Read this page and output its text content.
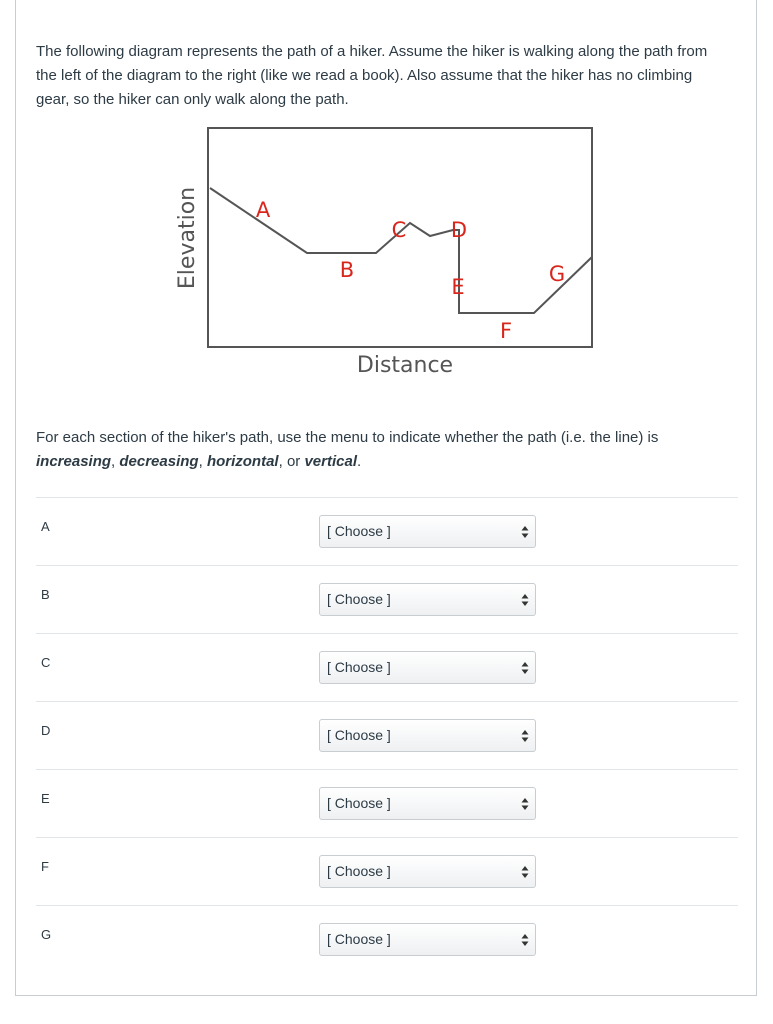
The following diagram represents the path of a hiker. Assume the hiker is walking along the path from the left of the diagram to the right (like we read a book). Also assume that the hiker has no climbing gear, so the hiker can only walk along the path.

Elevation
Distance
A
B
C D
E
F
G

For each section of the hiker's path, use the menu to indicate whether the path (i.e. the line) is increasing, decreasing, horizontal, or vertical.

A	[ Choose ]
B	[ Choose ]
C	[ Choose ]
D	[ Choose ]
E	[ Choose ]
F	[ Choose ]
G	[ Choose ]
